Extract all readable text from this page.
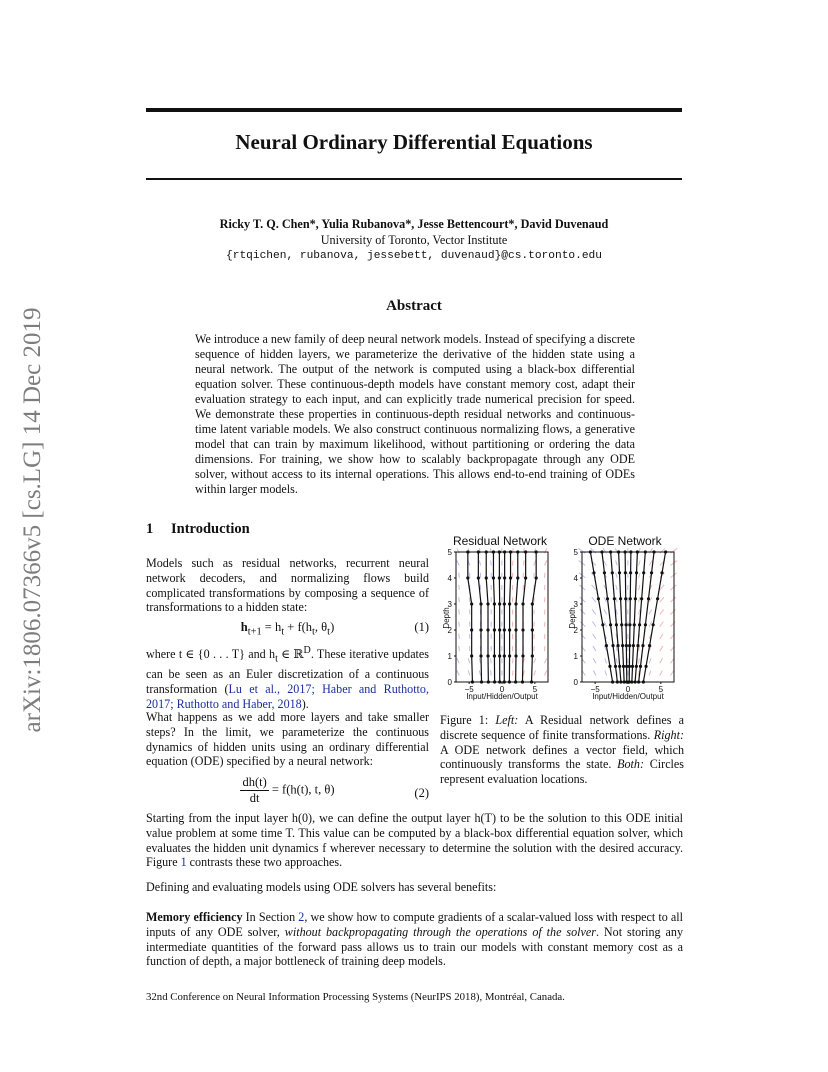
arXiv:1806.07366v5 [cs.LG] 14 Dec 2019
Neural Ordinary Differential Equations
Ricky T. Q. Chen*, Yulia Rubanova*, Jesse Bettencourt*, David Duvenaud
University of Toronto, Vector Institute
{rtqichen, rubanova, jessebett, duvenaud}@cs.toronto.edu
Abstract
We introduce a new family of deep neural network models. Instead of specifying a discrete sequence of hidden layers, we parameterize the derivative of the hidden state using a neural network. The output of the network is computed using a black-box differential equation solver. These continuous-depth models have constant memory cost, adapt their evaluation strategy to each input, and can explicitly trade numerical precision for speed. We demonstrate these properties in continuous-depth residual networks and continuous-time latent variable models. We also construct continuous normalizing flows, a generative model that can train by maximum likelihood, without partitioning or ordering the data dimensions. For training, we show how to scalably backpropagate through any ODE solver, without access to its internal operations. This allows end-to-end training of ODEs within larger models.
1 Introduction
Models such as residual networks, recurrent neural network decoders, and normalizing flows build complicated transformations by composing a sequence of transformations to a hidden state:
$h_{t+1} = h_t + f(h_t$, $\theta_t$)	(1)
where t ∈ {0 . . . T} and $h_t$ ∈ ℝ$^D$. These iterative updates can be seen as an Euler discretization of a continuous transformation (Lu et al., 2017; Haber and Ruthotto, 2017; Ruthotto and Haber, 2018).
What happens as we add more layers and take smaller steps? In the limit, we parameterize the continuous dynamics of hidden units using an ordinary differential equation (ODE) specified by a neural network:
$\frac{dh(t)}{dt} = f(h(t)$, t, θ)	(2)
Residual Network
0
1
2
3
4
5
−5	0	5
Depth
Input/Hidden/Output
ODE Network
0
1
2
3
4
5
−5	0	5
Depth
Input/Hidden/Output
Figure 1: Left: A Residual network defines a discrete sequence of finite transformations. Right: A ODE network defines a vector field, which continuously transforms the state. Both: Circles represent evaluation locations.
Starting from the input layer h(0), we can define the output layer h(T) to be the solution to this ODE initial value problem at some time T. This value can be computed by a black-box differential equation solver, which evaluates the hidden unit dynamics f wherever necessary to determine the solution with the desired accuracy. Figure 1 contrasts these two approaches.
Defining and evaluating models using ODE solvers has several benefits:
Memory efficiency In Section 2, we show how to compute gradients of a scalar-valued loss with respect to all inputs of any ODE solver, without backpropagating through the operations of the solver. Not storing any intermediate quantities of the forward pass allows us to train our models with constant memory cost as a function of depth, a major bottleneck of training deep models.
32nd Conference on Neural Information Processing Systems (NeurIPS 2018), Montréal, Canada.
